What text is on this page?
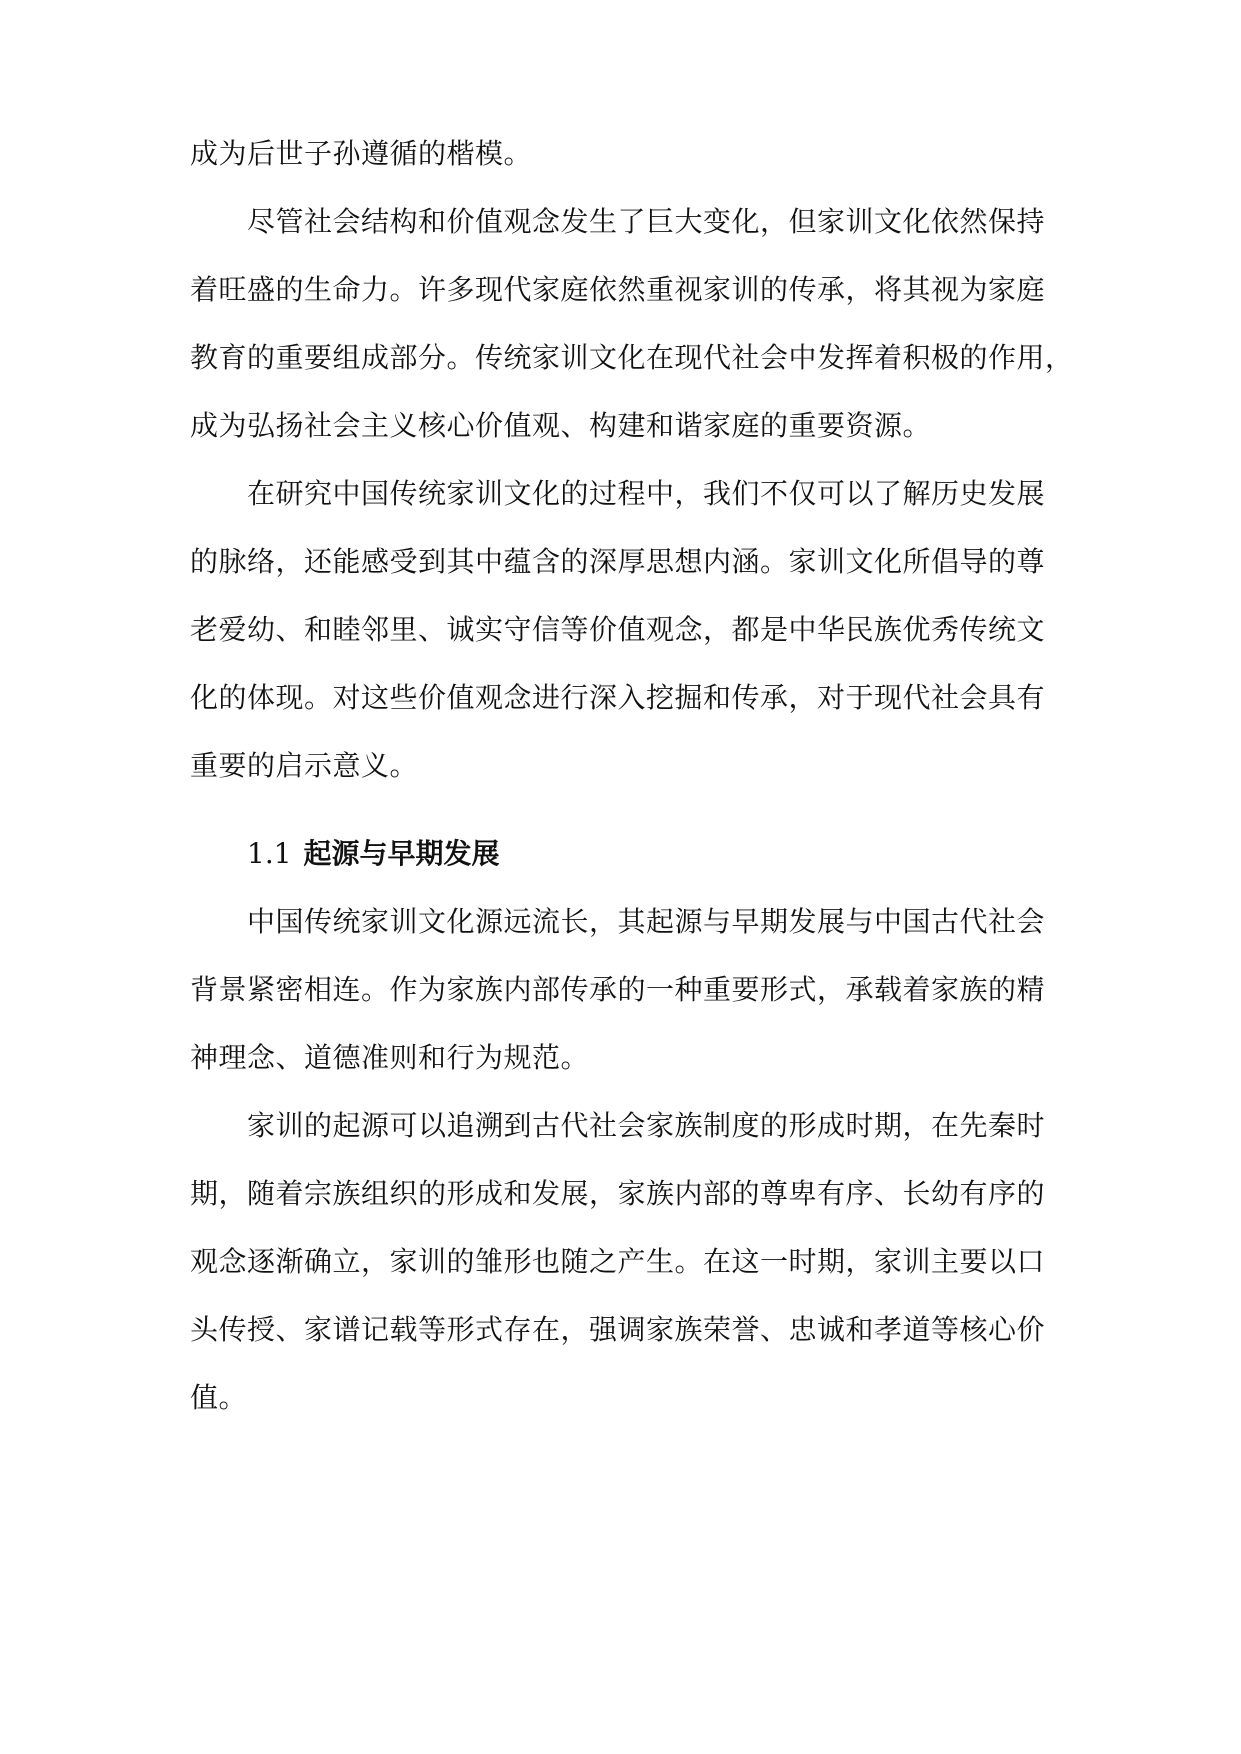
成为后世子孙遵循的楷模。
尽管社会结构和价值观念发生了巨大变化，但家训文化依然保持
着旺盛的生命力。许多现代家庭依然重视家训的传承，将其视为家庭
教育的重要组成部分。传统家训文化在现代社会中发挥着积极的作用，
成为弘扬社会主义核心价值观、构建和谐家庭的重要资源。
在研究中国传统家训文化的过程中，我们不仅可以了解历史发展
的脉络，还能感受到其中蕴含的深厚思想内涵。家训文化所倡导的尊
老爱幼、和睦邻里、诚实守信等价值观念，都是中华民族优秀传统文
化的体现。对这些价值观念进行深入挖掘和传承，对于现代社会具有
重要的启示意义。
1.1 起源与早期发展
中国传统家训文化源远流长，其起源与早期发展与中国古代社会
背景紧密相连。作为家族内部传承的一种重要形式，承载着家族的精
神理念、道德准则和行为规范。
家训的起源可以追溯到古代社会家族制度的形成时期，在先秦时
期，随着宗族组织的形成和发展，家族内部的尊卑有序、长幼有序的
观念逐渐确立，家训的雏形也随之产生。在这一时期，家训主要以口
头传授、家谱记载等形式存在，强调家族荣誉、忠诚和孝道等核心价
值。
